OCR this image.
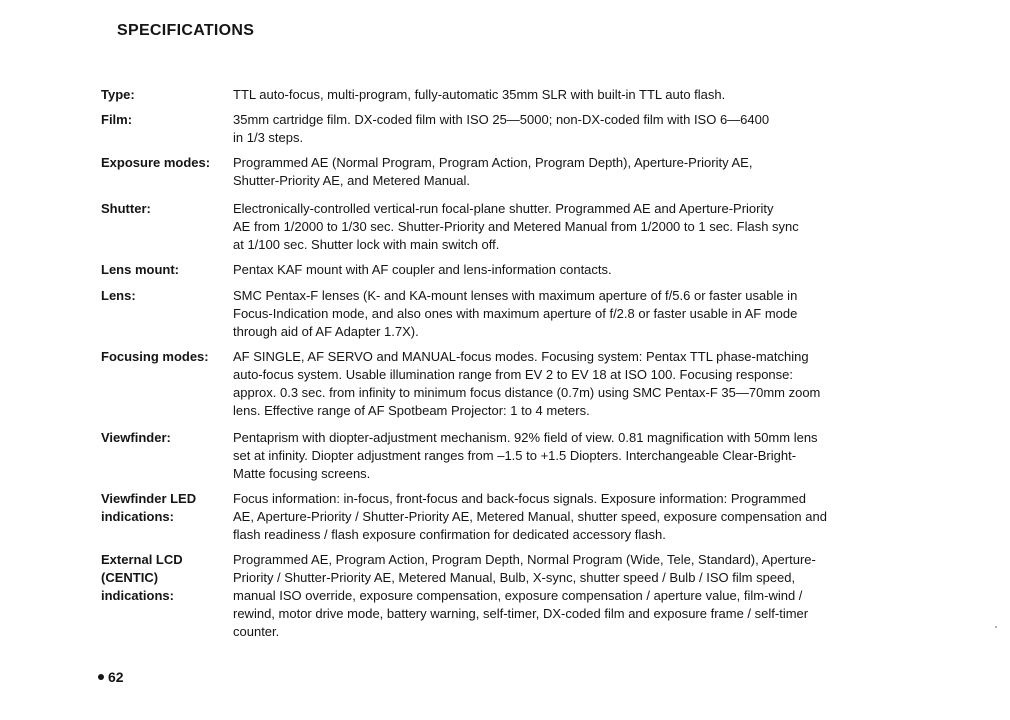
SPECIFICATIONS
Type:	TTL auto-focus, multi-program, fully-automatic 35mm SLR with built-in TTL auto flash.
Film:	35mm cartridge film. DX-coded film with ISO 25—5000; non-DX-coded film with ISO 6—6400
in 1/3 steps.
Exposure modes:	Programmed AE (Normal Program, Program Action, Program Depth), Aperture-Priority AE,
Shutter-Priority AE, and Metered Manual.
Shutter:	Electronically-controlled vertical-run focal-plane shutter. Programmed AE and Aperture-Priority
AE from 1/2000 to 1/30 sec. Shutter-Priority and Metered Manual from 1/2000 to 1 sec. Flash sync
at 1/100 sec. Shutter lock with main switch off.
Lens mount:	Pentax KAF mount with AF coupler and lens-information contacts.
Lens:	SMC Pentax-F lenses (K- and KA-mount lenses with maximum aperture of f/5.6 or faster usable in
Focus-Indication mode, and also ones with maximum aperture of f/2.8 or faster usable in AF mode
through aid of AF Adapter 1.7X).
Focusing modes:	AF SINGLE, AF SERVO and MANUAL-focus modes. Focusing system: Pentax TTL phase-matching
auto-focus system. Usable illumination range from EV 2 to EV 18 at ISO 100. Focusing response:
approx. 0.3 sec. from infinity to minimum focus distance (0.7m) using SMC Pentax-F 35—70mm zoom
lens. Effective range of AF Spotbeam Projector: 1 to 4 meters.
Viewfinder:	Pentaprism with diopter-adjustment mechanism. 92% field of view. 0.81 magnification with 50mm lens
set at infinity. Diopter adjustment ranges from –1.5 to +1.5 Diopters. Interchangeable Clear-Bright-
Matte focusing screens.
Viewfinder LED
indications:
Focus information: in-focus, front-focus and back-focus signals. Exposure information: Programmed
AE, Aperture-Priority / Shutter-Priority AE, Metered Manual, shutter speed, exposure compensation and
flash readiness / flash exposure confirmation for dedicated accessory flash.
External LCD
(CENTIC)
indications:
Programmed AE, Program Action, Program Depth, Normal Program (Wide, Tele, Standard), Aperture-
Priority / Shutter-Priority AE, Metered Manual, Bulb, X-sync, shutter speed / Bulb / ISO film speed,
manual ISO override, exposure compensation, exposure compensation / aperture value, film-wind /
rewind, motor drive mode, battery warning, self-timer, DX-coded film and exposure frame / self-timer
counter.
62
